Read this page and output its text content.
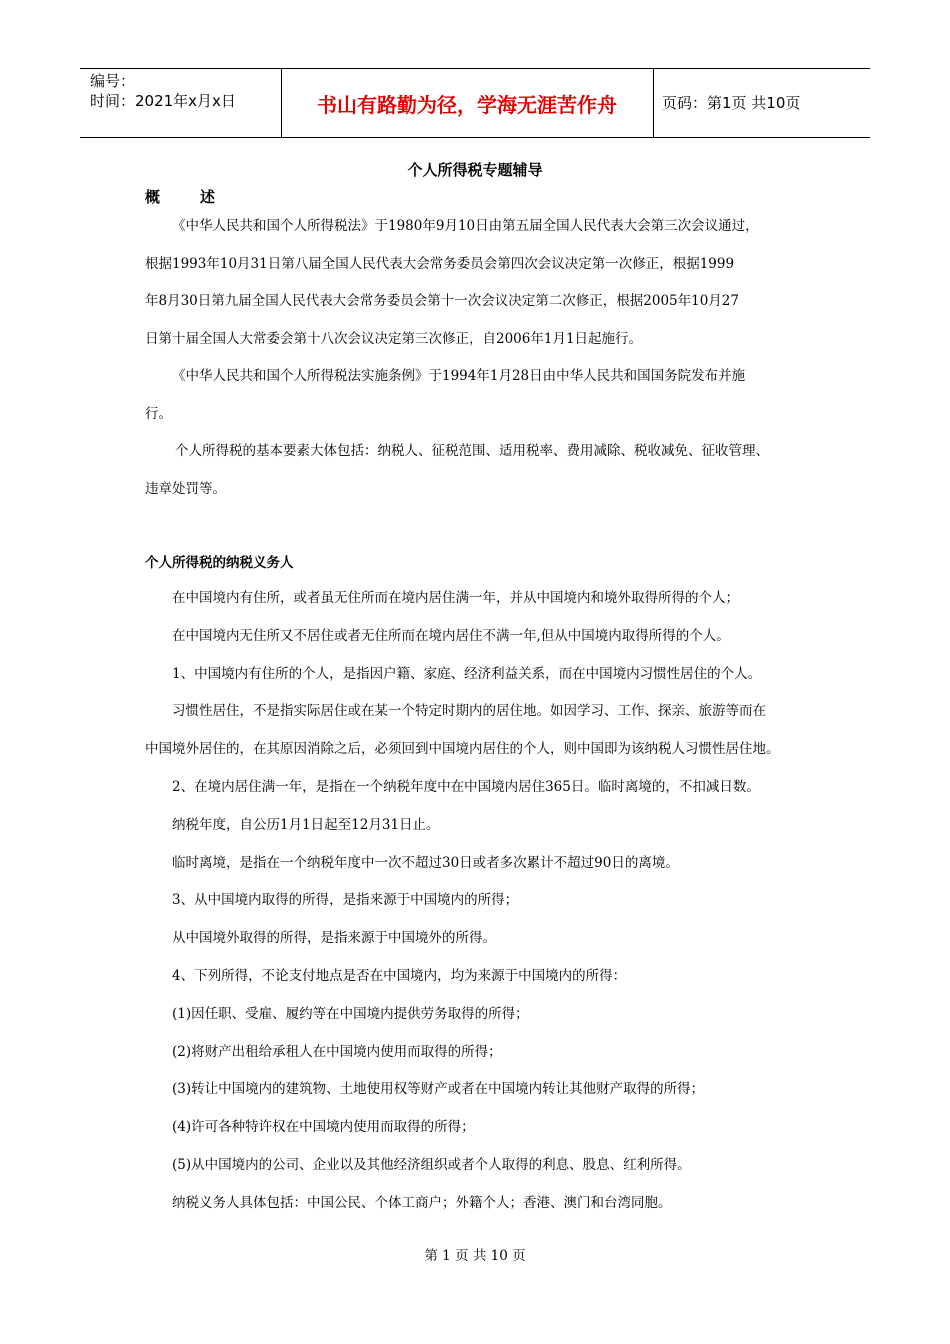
编号：
时间：2021年x月x日	书山有路勤为径，学海无涯苦作舟	页码：第1页 共10页
个人所得税专题辅导

概述

《中华人民共和国个人所得税法》于1980年9月10日由第五届全国人民代表大会第三次会议通过，

根据1993年10月31日第八届全国人民代表大会常务委员会第四次会议决定第一次修正，根据1999

年8月30日第九届全国人民代表大会常务委员会第十一次会议决定第二次修正，根据2005年10月27

日第十届全国人大常委会第十八次会议决定第三次修正，自2006年1月1日起施行。

《中华人民共和国个人所得税法实施条例》于1994年1月28日由中华人民共和国国务院发布并施

行。

个人所得税的基本要素大体包括：纳税人、征税范围、适用税率、费用减除、税收减免、征收管理、

违章处罚等。

个人所得税的纳税义务人

在中国境内有住所，或者虽无住所而在境内居住满一年，并从中国境内和境外取得所得的个人；

在中国境内无住所又不居住或者无住所而在境内居住不满一年,但从中国境内取得所得的个人。

1、中国境内有住所的个人，是指因户籍、家庭、经济利益关系，而在中国境内习惯性居住的个人。

习惯性居住，不是指实际居住或在某一个特定时期内的居住地。如因学习、工作、探亲、旅游等而在

中国境外居住的，在其原因消除之后，必须回到中国境内居住的个人，则中国即为该纳税人习惯性居住地。

2、在境内居住满一年，是指在一个纳税年度中在中国境内居住365日。临时离境的，不扣减日数。

纳税年度，自公历1月1日起至12月31日止。

临时离境，是指在一个纳税年度中一次不超过30日或者多次累计不超过90日的离境。

3、从中国境内取得的所得，是指来源于中国境内的所得；

从中国境外取得的所得，是指来源于中国境外的所得。

4、下列所得，不论支付地点是否在中国境内，均为来源于中国境内的所得：

(1)因任职、受雇、履约等在中国境内提供劳务取得的所得；

(2)将财产出租给承租人在中国境内使用而取得的所得；

(3)转让中国境内的建筑物、土地使用权等财产或者在中国境内转让其他财产取得的所得；

(4)许可各种特许权在中国境内使用而取得的所得；

(5)从中国境内的公司、企业以及其他经济组织或者个人取得的利息、股息、红利所得。

纳税义务人具体包括：中国公民、个体工商户；外籍个人；香港、澳门和台湾同胞。

第 1 页 共 10 页
